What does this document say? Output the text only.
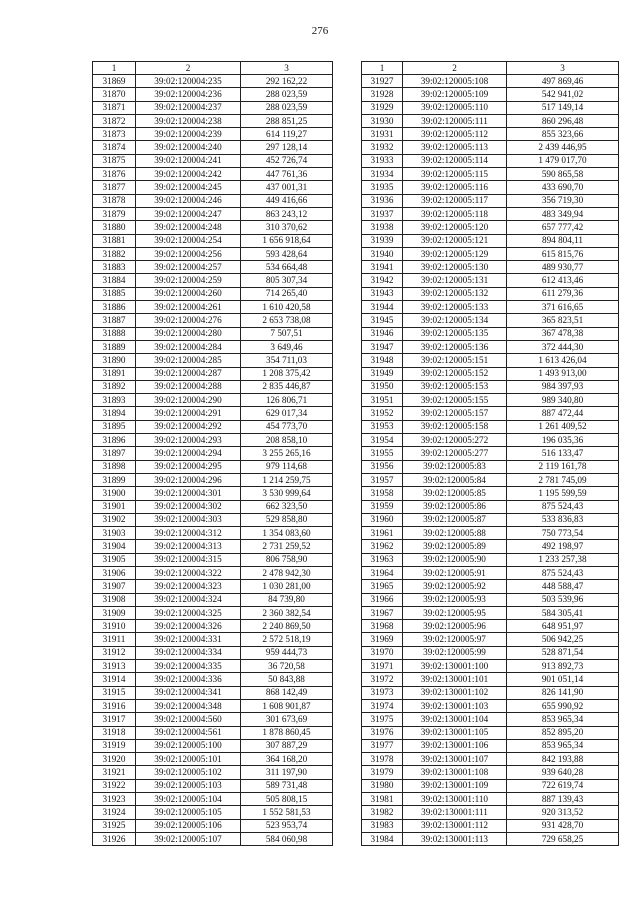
276
1	2	3
31869	39:02:120004:235	292 162,22
31870	39:02:120004:236	288 023,59
31871	39:02:120004:237	288 023,59
31872	39:02:120004:238	288 851,25
31873	39:02:120004:239	614 119,27
31874	39:02:120004:240	297 128,14
31875	39:02:120004:241	452 726,74
31876	39:02:120004:242	447 761,36
31877	39:02:120004:245	437 001,31
31878	39:02:120004:246	449 416,66
31879	39:02:120004:247	863 243,12
31880	39:02:120004:248	310 370,62
31881	39:02:120004:254	1 656 918,64
31882	39:02:120004:256	593 428,64
31883	39:02:120004:257	534 664,48
31884	39:02:120004:259	805 307,34
31885	39:02:120004:260	714 265,40
31886	39:02:120004:261	1 610 420,58
31887	39:02:120004:276	2 653 738,08
31888	39:02:120004:280	7 507,51
31889	39:02:120004:284	3 649,46
31890	39:02:120004:285	354 711,03
31891	39:02:120004:287	1 208 375,42
31892	39:02:120004:288	2 835 446,87
31893	39:02:120004:290	126 806,71
31894	39:02:120004:291	629 017,34
31895	39:02:120004:292	454 773,70
31896	39:02:120004:293	208 858,10
31897	39:02:120004:294	3 255 265,16
31898	39:02:120004:295	979 114,68
31899	39:02:120004:296	1 214 259,75
31900	39:02:120004:301	3 530 999,64
31901	39:02:120004:302	662 323,50
31902	39:02:120004:303	529 858,80
31903	39:02:120004:312	1 354 083,60
31904	39:02:120004:313	2 731 259,52
31905	39:02:120004:315	806 758,90
31906	39:02:120004:322	2 478 942,30
31907	39:02:120004:323	1 030 281,00
31908	39:02:120004:324	84 739,80
31909	39:02:120004:325	2 360 382,54
31910	39:02:120004:326	2 240 869,50
31911	39:02:120004:331	2 572 518,19
31912	39:02:120004:334	959 444,73
31913	39:02:120004:335	36 720,58
31914	39:02:120004:336	50 843,88
31915	39:02:120004:341	868 142,49
31916	39:02:120004:348	1 608 901,87
31917	39:02:120004:560	301 673,69
31918	39:02:120004:561	1 878 860,45
31919	39:02:120005:100	307 887,29
31920	39:02:120005:101	364 168,20
31921	39:02:120005:102	311 197,90
31922	39:02:120005:103	589 731,48
31923	39:02:120005:104	505 808,15
31924	39:02:120005:105	1 552 581,53
31925	39:02:120005:106	523 953,74
31926	39:02:120005:107	584 060,98
1	2	3
31927	39:02:120005:108	497 869,46
31928	39:02:120005:109	542 941,02
31929	39:02:120005:110	517 149,14
31930	39:02:120005:111	860 296,48
31931	39:02:120005:112	855 323,66
31932	39:02:120005:113	2 439 446,95
31933	39:02:120005:114	1 479 017,70
31934	39:02:120005:115	590 865,58
31935	39:02:120005:116	433 690,70
31936	39:02:120005:117	356 719,30
31937	39:02:120005:118	483 349,94
31938	39:02:120005:120	657 777,42
31939	39:02:120005:121	894 804,11
31940	39:02:120005:129	615 815,76
31941	39:02:120005:130	489 930,77
31942	39:02:120005:131	612 413,46
31943	39:02:120005:132	611 279,36
31944	39:02:120005:133	371 616,65
31945	39:02:120005:134	365 823,51
31946	39:02:120005:135	367 478,38
31947	39:02:120005:136	372 444,30
31948	39:02:120005:151	1 613 426,04
31949	39:02:120005:152	1 493 913,00
31950	39:02:120005:153	984 397,93
31951	39:02:120005:155	989 340,80
31952	39:02:120005:157	887 472,44
31953	39:02:120005:158	1 261 409,52
31954	39:02:120005:272	196 035,36
31955	39:02:120005:277	516 133,47
31956	39:02:120005:83	2 119 161,78
31957	39:02:120005:84	2 781 745,09
31958	39:02:120005:85	1 195 599,59
31959	39:02:120005:86	875 524,43
31960	39:02:120005:87	533 836,83
31961	39:02:120005:88	750 773,54
31962	39:02:120005:89	492 198,97
31963	39:02:120005:90	1 233 257,38
31964	39:02:120005:91	875 524,43
31965	39:02:120005:92	448 588,47
31966	39:02:120005:93	503 539,96
31967	39:02:120005:95	584 305,41
31968	39:02:120005:96	648 951,97
31969	39:02:120005:97	506 942,25
31970	39:02:120005:99	528 871,54
31971	39:02:130001:100	913 892,73
31972	39:02:130001:101	901 051,14
31973	39:02:130001:102	826 141,90
31974	39:02:130001:103	655 990,92
31975	39:02:130001:104	853 965,34
31976	39:02:130001:105	852 895,20
31977	39:02:130001:106	853 965,34
31978	39:02:130001:107	842 193,88
31979	39:02:130001:108	939 640,28
31980	39:02:130001:109	722 619,74
31981	39:02:130001:110	887 139,43
31982	39:02:130001:111	920 313,52
31983	39:02:130001:112	931 428,70
31984	39:02:130001:113	729 658,25
